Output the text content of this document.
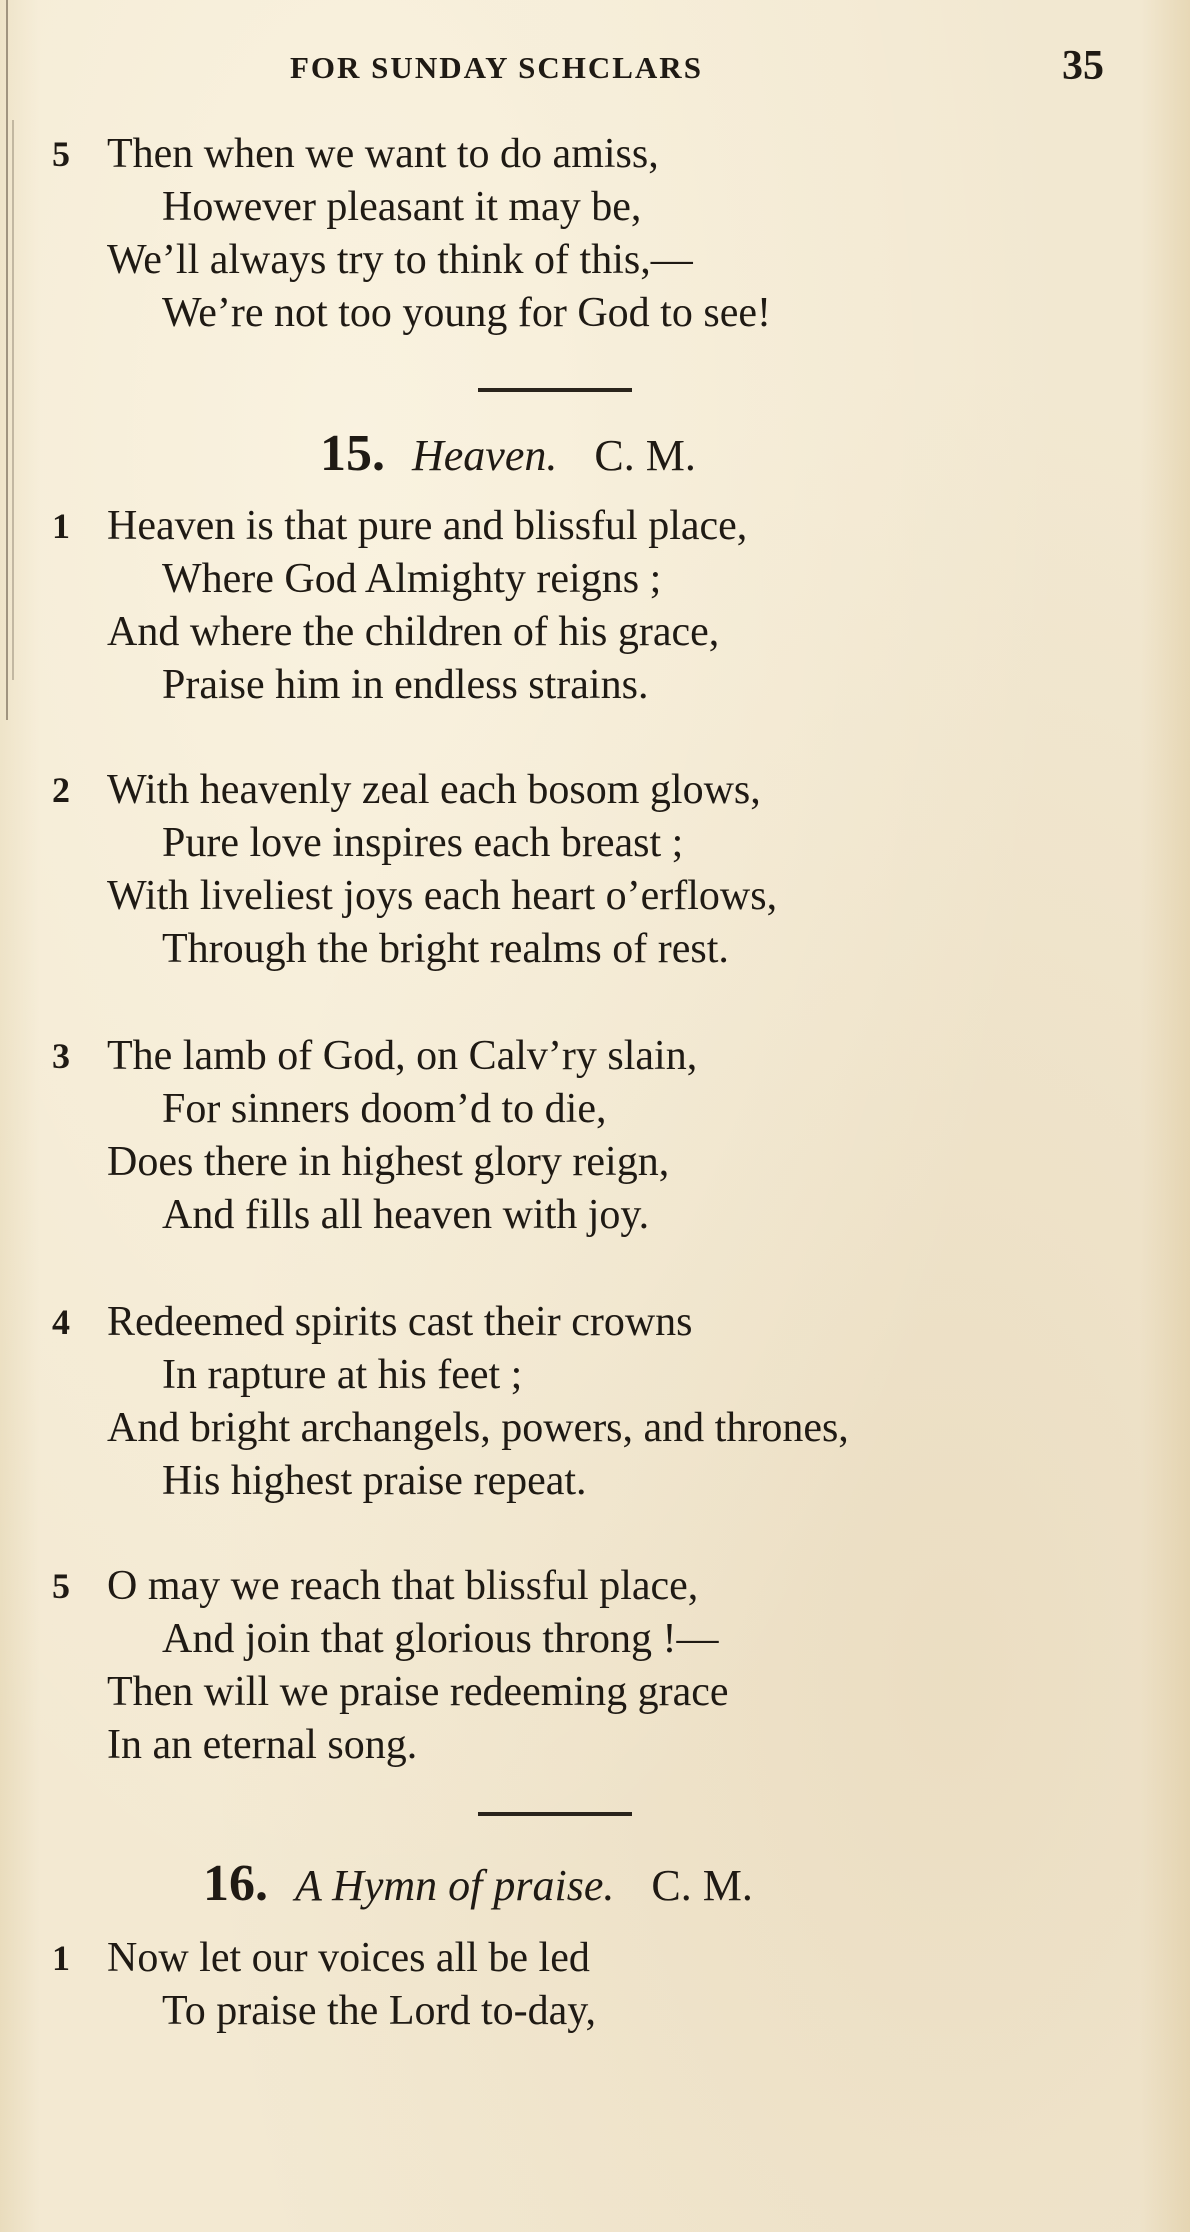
FOR SUNDAY SCHCLARS	35
5 Then when we want to do amiss,
However pleasant it may be,
We’ll always try to think of this,—
We’re not too young for God to see!
15. Heaven. C. M.
1 Heaven is that pure and blissful place,
Where God Almighty reigns ;
And where the children of his grace,
Praise him in endless strains.
2 With heavenly zeal each bosom glows,
Pure love inspires each breast ;
With liveliest joys each heart o’erflows,
Through the bright realms of rest.
3 The lamb of God, on Calv’ry slain,
For sinners doom’d to die,
Does there in highest glory reign,
And fills all heaven with joy.
4 Redeemed spirits cast their crowns
In rapture at his feet ;
And bright archangels, powers, and thrones,
His highest praise repeat.
5 O may we reach that blissful place,
And join that glorious throng !—
Then will we praise redeeming grace
In an eternal song.
16. A Hymn of praise. C. M.
1 Now let our voices all be led
To praise the Lord to-day,
